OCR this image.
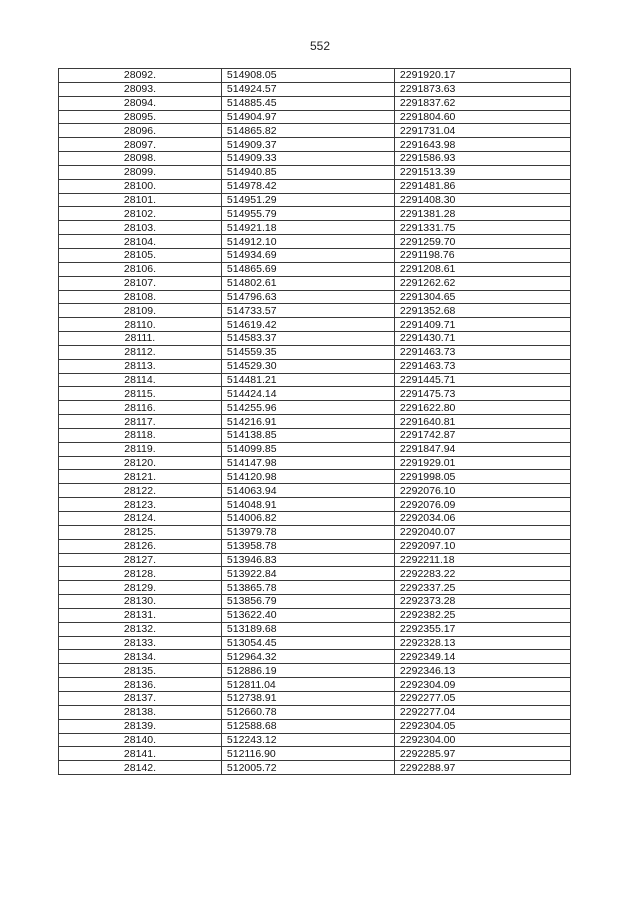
552
28092.	514908.05	2291920.17
28093.	514924.57	2291873.63
28094.	514885.45	2291837.62
28095.	514904.97	2291804.60
28096.	514865.82	2291731.04
28097.	514909.37	2291643.98
28098.	514909.33	2291586.93
28099.	514940.85	2291513.39
28100.	514978.42	2291481.86
28101.	514951.29	2291408.30
28102.	514955.79	2291381.28
28103.	514921.18	2291331.75
28104.	514912.10	2291259.70
28105.	514934.69	2291198.76
28106.	514865.69	2291208.61
28107.	514802.61	2291262.62
28108.	514796.63	2291304.65
28109.	514733.57	2291352.68
28110.	514619.42	2291409.71
28111.	514583.37	2291430.71
28112.	514559.35	2291463.73
28113.	514529.30	2291463.73
28114.	514481.21	2291445.71
28115.	514424.14	2291475.73
28116.	514255.96	2291622.80
28117.	514216.91	2291640.81
28118.	514138.85	2291742.87
28119.	514099.85	2291847.94
28120.	514147.98	2291929.01
28121.	514120.98	2291998.05
28122.	514063.94	2292076.10
28123.	514048.91	2292076.09
28124.	514006.82	2292034.06
28125.	513979.78	2292040.07
28126.	513958.78	2292097.10
28127.	513946.83	2292211.18
28128.	513922.84	2292283.22
28129.	513865.78	2292337.25
28130.	513856.79	2292373.28
28131.	513622.40	2292382.25
28132.	513189.68	2292355.17
28133.	513054.45	2292328.13
28134.	512964.32	2292349.14
28135.	512886.19	2292346.13
28136.	512811.04	2292304.09
28137.	512738.91	2292277.05
28138.	512660.78	2292277.04
28139.	512588.68	2292304.05
28140.	512243.12	2292304.00
28141.	512116.90	2292285.97
28142.	512005.72	2292288.97
